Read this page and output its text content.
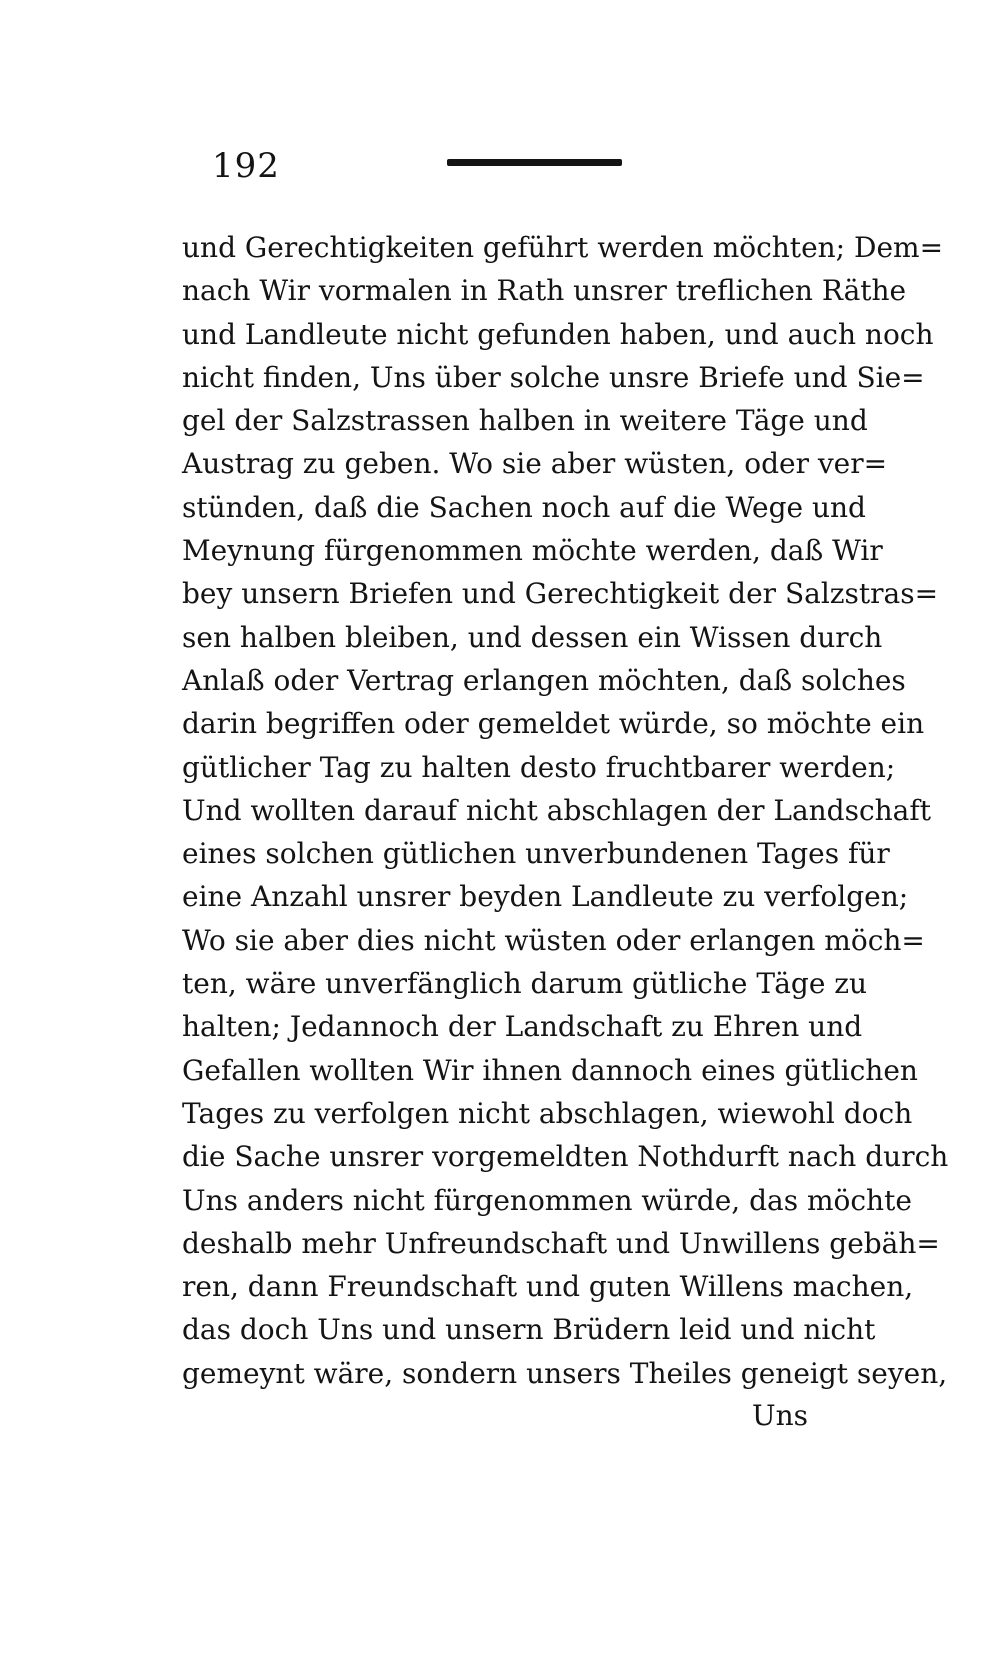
192
und Gerechtigkeiten geführt werden möchten; Dem=
nach Wir vormalen in Rath unsrer treflichen Räthe
und Landleute nicht gefunden haben, und auch noch
nicht finden, Uns über solche unsre Briefe und Sie=
gel der Salzstrassen halben in weitere Täge und
Austrag zu geben. Wo sie aber wüsten, oder ver=
stünden, daß die Sachen noch auf die Wege und
Meynung fürgenommen möchte werden, daß Wir
bey unsern Briefen und Gerechtigkeit der Salzstras=
sen halben bleiben, und dessen ein Wissen durch
Anlaß oder Vertrag erlangen möchten, daß solches
darin begriffen oder gemeldet würde, so möchte ein
gütlicher Tag zu halten desto fruchtbarer werden;
Und wollten darauf nicht abschlagen der Landschaft
eines solchen gütlichen unverbundenen Tages für
eine Anzahl unsrer beyden Landleute zu verfolgen;
Wo sie aber dies nicht wüsten oder erlangen möch=
ten, wäre unverfänglich darum gütliche Täge zu
halten; Jedannoch der Landschaft zu Ehren und
Gefallen wollten Wir ihnen dannoch eines gütlichen
Tages zu verfolgen nicht abschlagen, wiewohl doch
die Sache unsrer vorgemeldten Nothdurft nach durch
Uns anders nicht fürgenommen würde, das möchte
deshalb mehr Unfreundschaft und Unwillens gebäh=
ren, dann Freundschaft und guten Willens machen,
das doch Uns und unsern Brüdern leid und nicht
gemeynt wäre, sondern unsers Theiles geneigt seyen,
Uns
